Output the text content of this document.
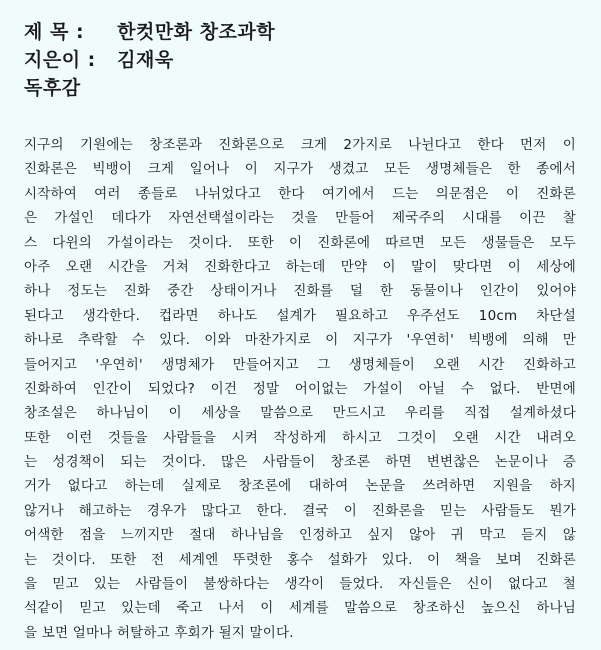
제 목 : 한컷만화 창조과학
지은이 : 김재욱
독후감
지구의 기원에는 창조론과 진화론으로 크게 2가지로 나뉜다고 한다 먼저 이
진화론은 빅뱅이 크게 일어나 이 지구가 생겼고 모든 생명체들은 한 종에서
시작하여 여러 종들로 나뉘었다고 한다 여기에서 드는 의문점은 이 진화론
은 가설인 데다가 자연선택설이라는 것을 만들어 제국주의 시대를 이끈 찰
스 다윈의 가설이라는 것이다. 또한 이 진화론에 따르면 모든 생물들은 모두
아주 오랜 시간을 거쳐 진화한다고 하는데 만약 이 말이 맞다면 이 세상에
하나 정도는 진화 중간 상태이거나 진화를 덜 한 동물이나 인간이 있어야
된다고 생각한다. 컵라면 하나도 설계가 필요하고 우주선도 10cm 차단설
하나로 추락할 수 있다. 이와 마찬가지로 이 지구가 '우연히' 빅뱅에 의해 만
들어지고 '우연히' 생명체가 만들어지고 그 생명체들이 오랜 시간 진화하고
진화하여 인간이 되었다? 이건 정말 어이없는 가설이 아닐 수 없다. 반면에
창조설은 하나님이 이 세상을 말씀으로 만드시고 우리를 직접 설계하셨다
또한 이런 것들을 사람들을 시켜 작성하게 하시고 그것이 오랜 시간 내려오
는 성경책이 되는 것이다. 많은 사람들이 창조론 하면 변변찮은 논문이나 증
거가 없다고 하는데 실제로 창조론에 대하여 논문을 쓰려하면 지원을 하지
않거나 해고하는 경우가 많다고 한다. 결국 이 진화론을 믿는 사람들도 뭔가
어색한 점을 느끼지만 절대 하나님을 인정하고 싶지 않아 귀 막고 듣지 않
는 것이다. 또한 전 세계엔 뚜렷한 홍수 설화가 있다. 이 책을 보며 진화론
을 믿고 있는 사람들이 불쌍하다는 생각이 들었다. 자신들은 신이 없다고 철
석같이 믿고 있는데 죽고 나서 이 세계를 말씀으로 창조하신 높으신 하나님
을 보면 얼마나 허탈하고 후회가 될지 말이다.
